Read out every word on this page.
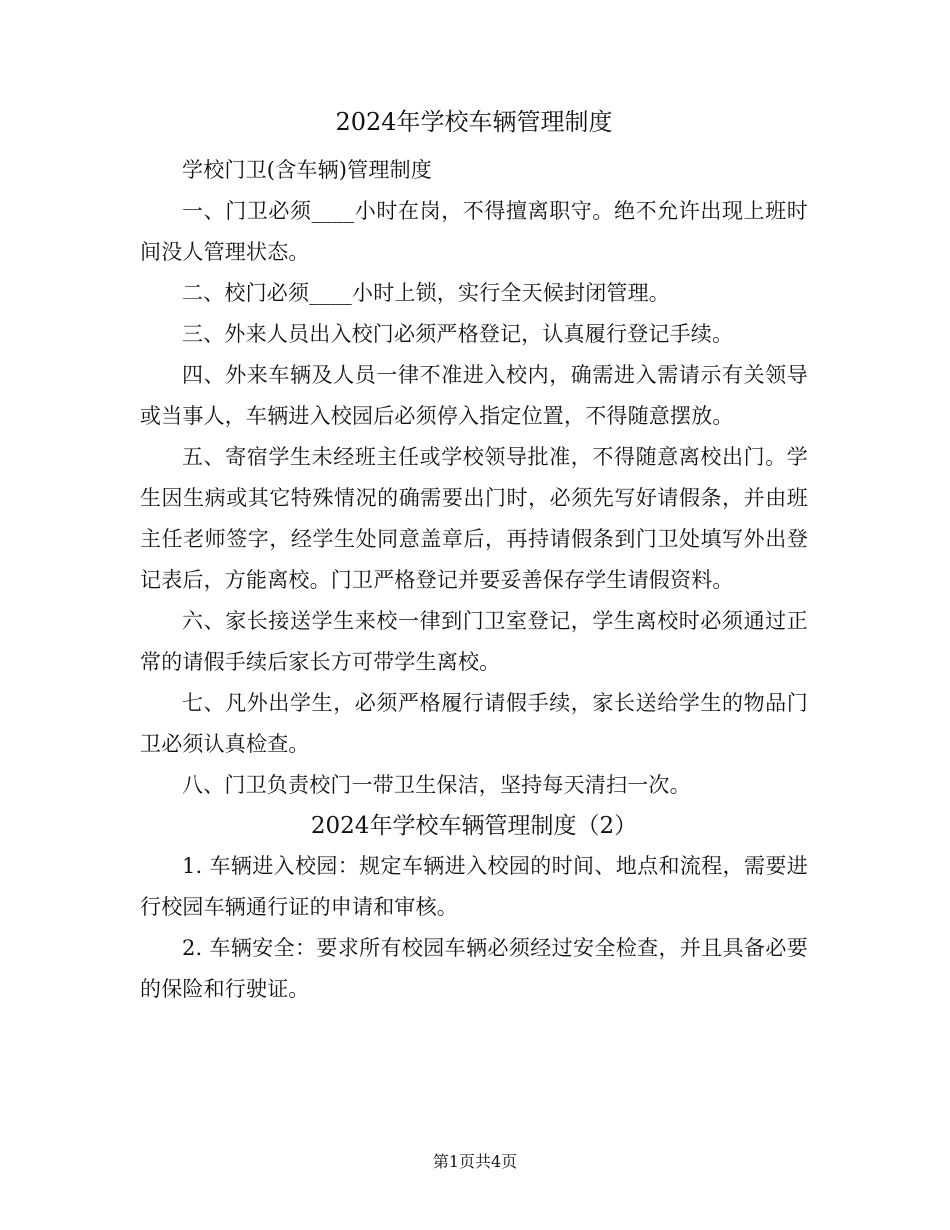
2024年学校车辆管理制度

学校门卫(含车辆)管理制度

一、门卫必须____小时在岗，不得擅离职守。绝不允许出现上班时间没人管理状态。

二、校门必须____小时上锁，实行全天候封闭管理。

三、外来人员出入校门必须严格登记，认真履行登记手续。

四、外来车辆及人员一律不准进入校内，确需进入需请示有关领导或当事人，车辆进入校园后必须停入指定位置，不得随意摆放。

五、寄宿学生未经班主任或学校领导批准，不得随意离校出门。学生因生病或其它特殊情况的确需要出门时，必须先写好请假条，并由班主任老师签字，经学生处同意盖章后，再持请假条到门卫处填写外出登记表后，方能离校。门卫严格登记并要妥善保存学生请假资料。

六、家长接送学生来校一律到门卫室登记，学生离校时必须通过正常的请假手续后家长方可带学生离校。

七、凡外出学生，必须严格履行请假手续，家长送给学生的物品门卫必须认真检查。

八、门卫负责校门一带卫生保洁，坚持每天清扫一次。

2024年学校车辆管理制度（2）

1. 车辆进入校园：规定车辆进入校园的时间、地点和流程，需要进行校园车辆通行证的申请和审核。

2. 车辆安全：要求所有校园车辆必须经过安全检查，并且具备必要的保险和行驶证。

第1页共4页
